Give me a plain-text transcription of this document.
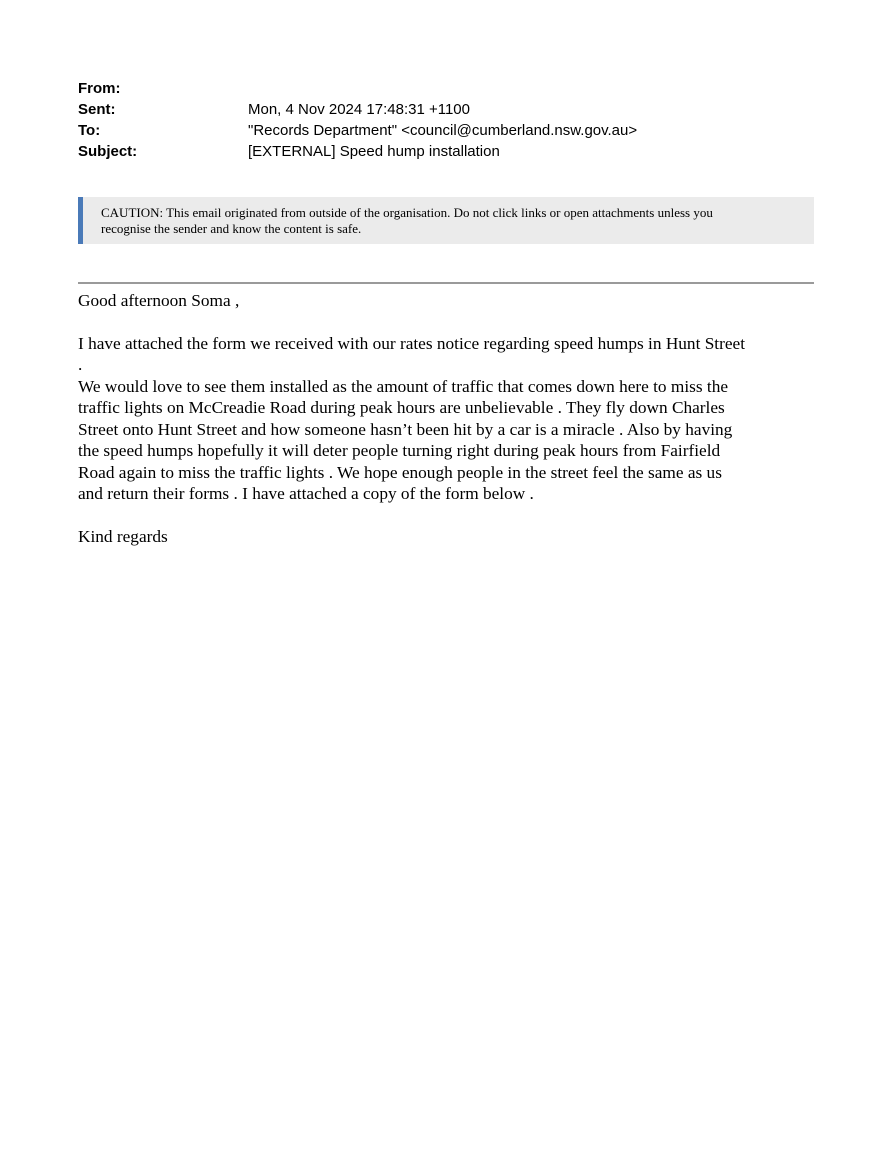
From:
Sent:	Mon, 4 Nov 2024 17:48:31 +1100
To:	"Records Department" <council@cumberland.nsw.gov.au>
Subject:	[EXTERNAL] Speed hump installation
CAUTION: This email originated from outside of the organisation. Do not click links or open attachments unless you
recognise the sender and know the content is safe.
Good afternoon Soma ,
I have attached the form we received with our rates notice regarding speed humps in Hunt Street
.
We would love to see them installed as the amount of traffic that comes down here to miss the
traffic lights on McCreadie Road during peak hours are unbelievable . They fly down Charles
Street onto Hunt Street and how someone hasn’t been hit by a car is a miracle . Also by having
the speed humps hopefully it will deter people turning right during peak hours from Fairfield
Road again to miss the traffic lights . We hope enough people in the street feel the same as us
and return their forms . I have attached a copy of the form below .
Kind regards
